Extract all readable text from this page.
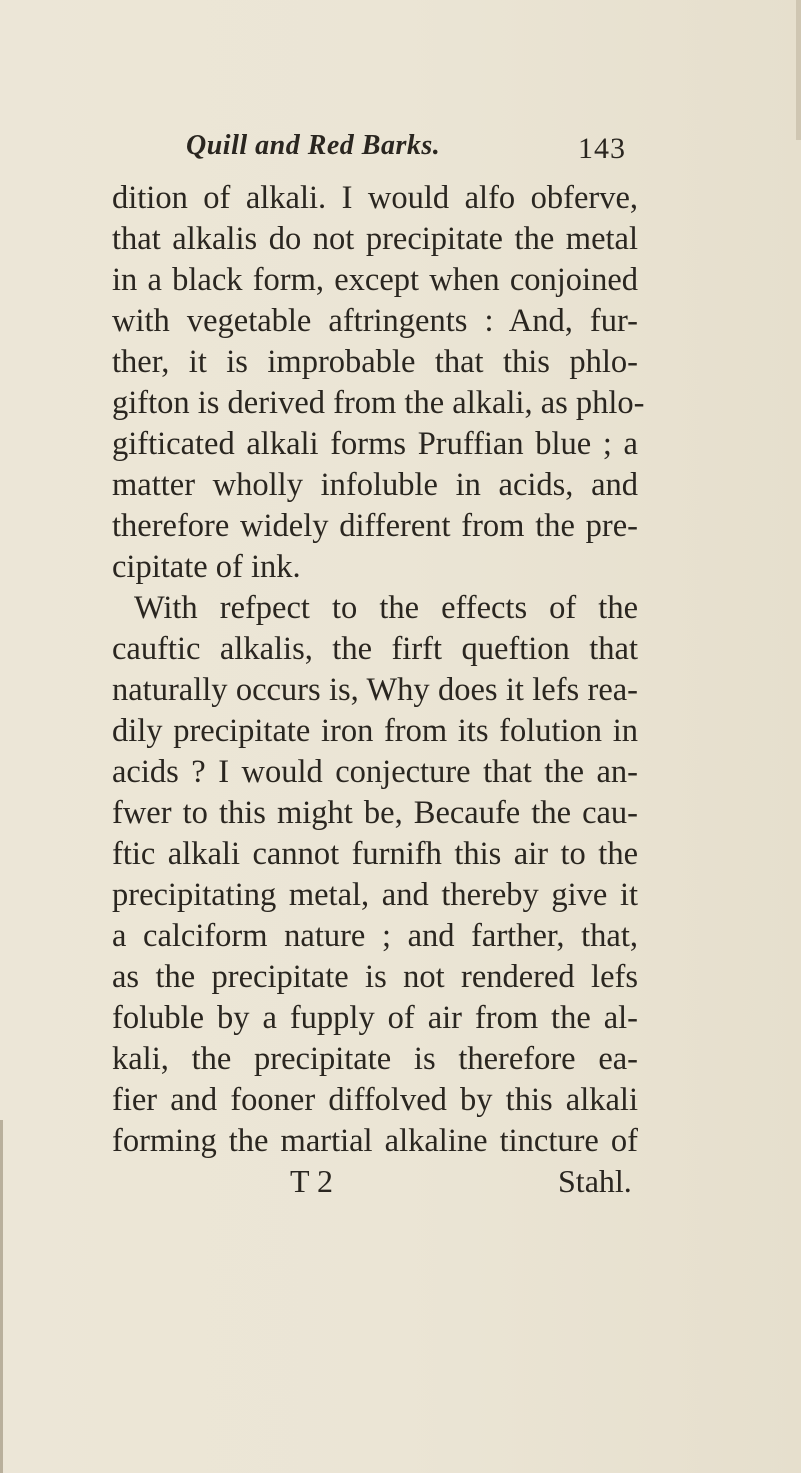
Quill and Red Barks.	143
dition of alkali. I would alfo obferve,
that alkalis do not precipitate the metal
in a black form, except when conjoined
with vegetable aftringents : And, fur-
ther, it is improbable that this phlo-
gifton is derived from the alkali, as phlo-
gifticated alkali forms Pruffian blue ; a
matter wholly infoluble in acids, and
therefore widely different from the pre-
cipitate of ink.
With refpect to the effects of the
cauftic alkalis, the firft queftion that
naturally occurs is, Why does it lefs rea-
dily precipitate iron from its folution in
acids ? I would conjecture that the an-
fwer to this might be, Becaufe the cau-
ftic alkali cannot furnifh this air to the
precipitating metal, and thereby give it
a calciform nature ; and farther, that,
as the precipitate is not rendered lefs
foluble by a fupply of air from the al-
kali, the precipitate is therefore ea-
fier and fooner diffolved by this alkali
forming the martial alkaline tincture of
T 2	Stahl.
